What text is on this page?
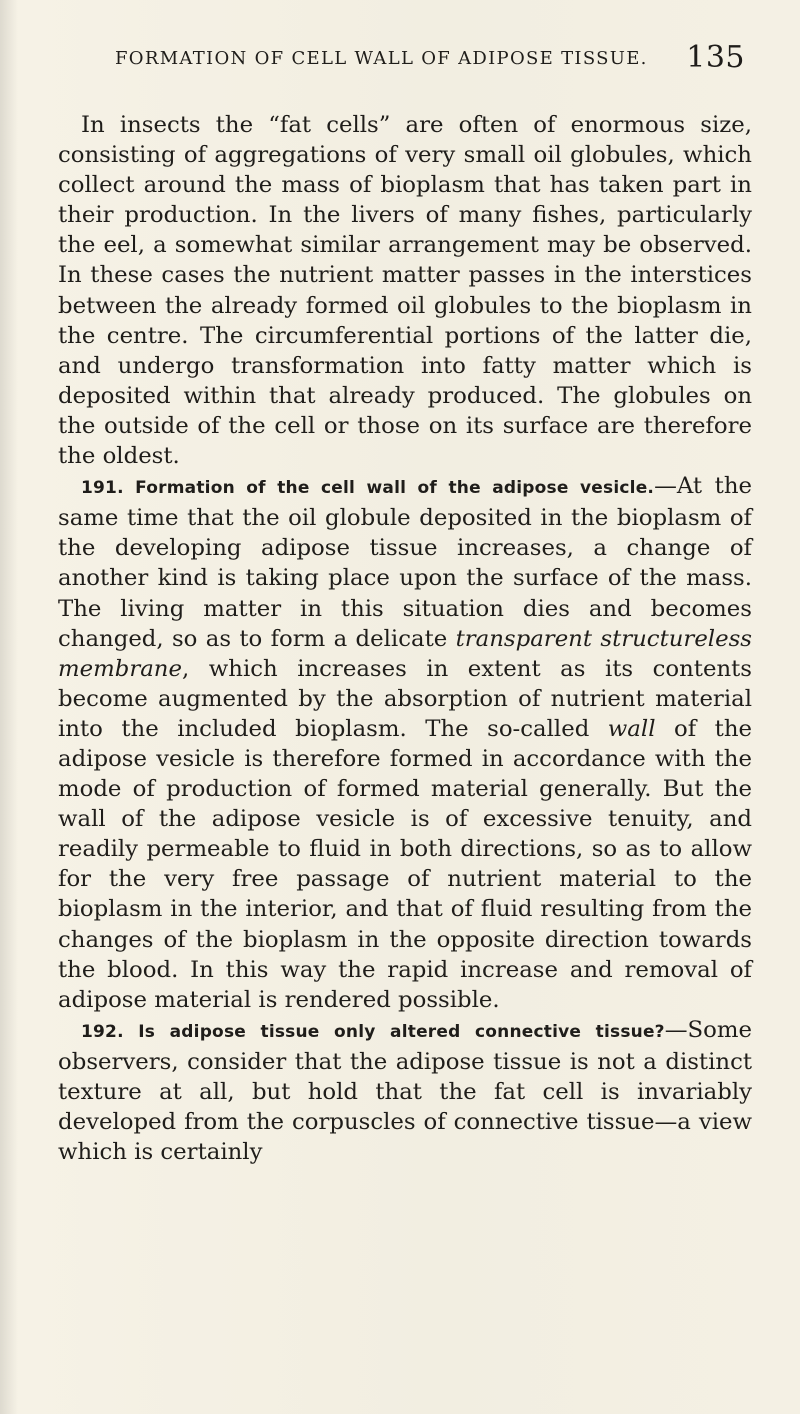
FORMATION OF CELL WALL OF ADIPOSE TISSUE. 135

In insects the “fat cells” are often of enormous size, consisting of aggregations of very small oil globules, which collect around the mass of bioplasm that has taken part in their production. In the livers of many fishes, particularly the eel, a somewhat similar arrangement may be observed. In these cases the nutrient matter passes in the interstices between the already formed oil globules to the bioplasm in the centre. The circumferential portions of the latter die, and undergo transformation into fatty matter which is deposited within that already produced. The globules on the outside of the cell or those on its surface are therefore the oldest.

191. Formation of the cell wall of the adipose vesicle.—At the same time that the oil globule deposited in the bioplasm of the developing adipose tissue increases, a change of another kind is taking place upon the surface of the mass. The living matter in this situation dies and becomes changed, so as to form a delicate transparent structureless membrane, which increases in extent as its contents become augmented by the absorption of nutrient material into the included bioplasm. The so-called wall of the adipose vesicle is therefore formed in accordance with the mode of production of formed material generally. But the wall of the adipose vesicle is of excessive tenuity, and readily permeable to fluid in both directions, so as to allow for the very free passage of nutrient material to the bioplasm in the interior, and that of fluid resulting from the changes of the bioplasm in the opposite direction towards the blood. In this way the rapid increase and removal of adipose material is rendered possible.

192. Is adipose tissue only altered connective tissue?—Some observers, consider that the adipose tissue is not a distinct texture at all, but hold that the fat cell is invariably developed from the corpuscles of connective tissue—a view which is certainly
